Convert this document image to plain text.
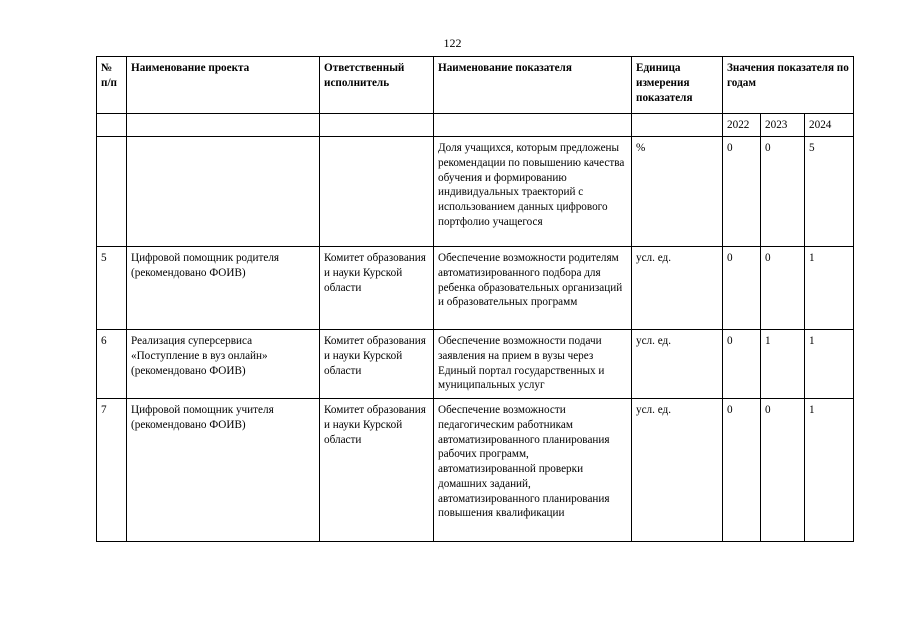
122
№ п/п	Наименование проекта	Ответственный исполнитель	Наименование показателя	Единица измерения показателя	Значения показателя по годам		
					2022	2023	2024
			Доля учащихся, которым предложены рекомендации по повышению качества обучения и формированию индивидуальных траекторий с использованием данных цифрового портфолио учащегося	%	0	0	5
5	Цифровой помощник родителя (рекомендовано ФОИВ)	Комитет образования и науки Курской области	Обеспечение возможности родителям автоматизированного подбора для ребенка образовательных организаций и образовательных программ	усл. ед.	0	0	1
6	Реализация суперсервиса «Поступление в вуз онлайн» (рекомендовано ФОИВ)	Комитет образования и науки Курской области	Обеспечение возможности подачи заявления на прием в вузы через Единый портал государственных и муниципальных услуг	усл. ед.	0	1	1
7	Цифровой помощник учителя (рекомендовано ФОИВ)	Комитет образования и науки Курской области	Обеспечение возможности педагогическим работникам автоматизированного планирования рабочих программ, автоматизированной проверки домашних заданий, автоматизированного планирования повышения квалификации	усл. ед.	0	0	1
